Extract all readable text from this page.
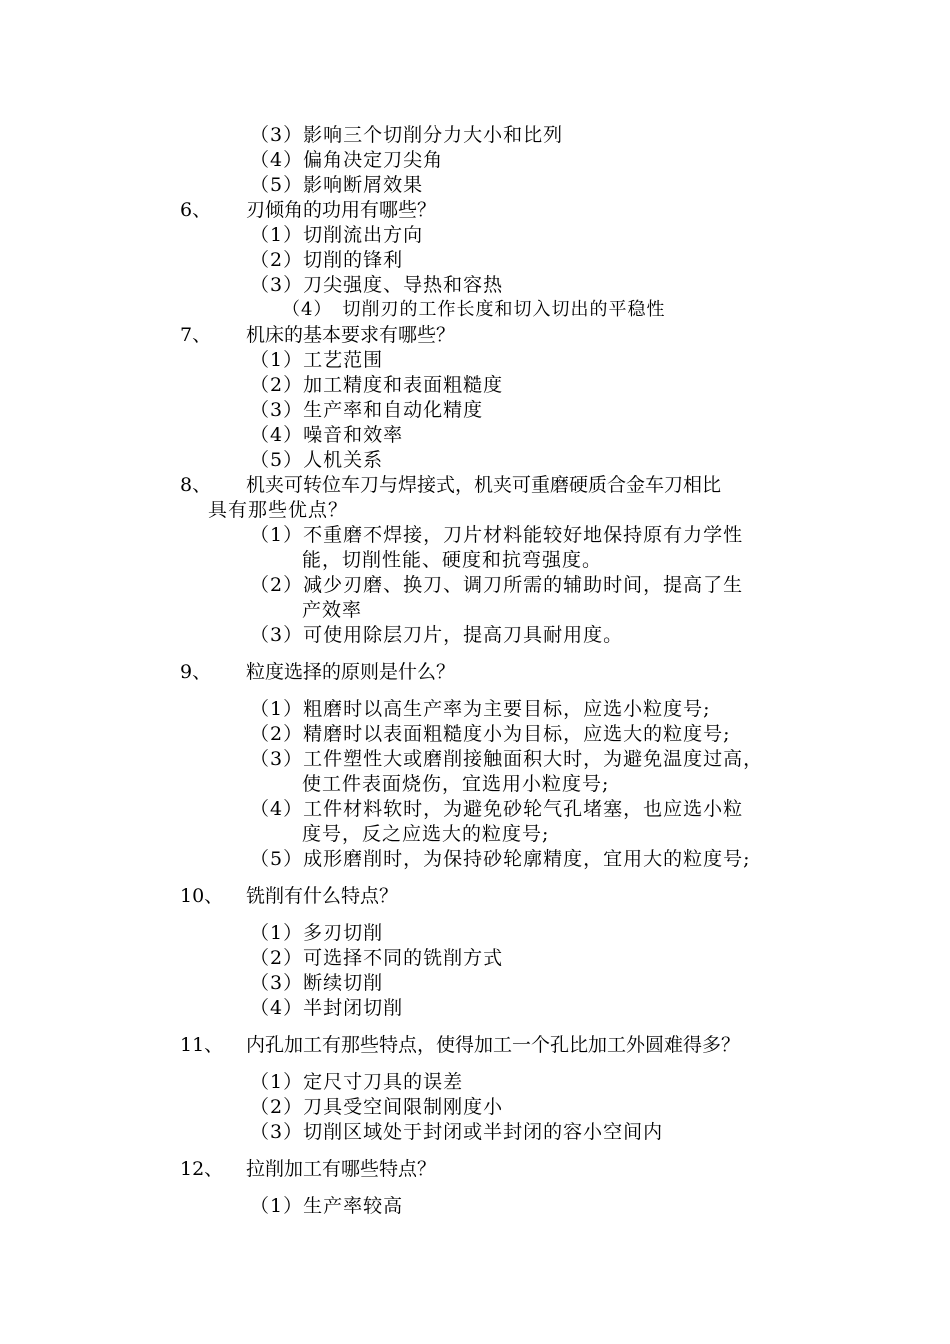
（3）影响三个切削分力大小和比列
（4）偏角决定刀尖角
（5）影响断屑效果
6、 刃倾角的功用有哪些？
（1）切削流出方向
（2）切削的锋利
（3）刀尖强度、导热和容热
（4）　切削刃的工作长度和切入切出的平稳性
7、 机床的基本要求有哪些？
（1）工艺范围
（2）加工精度和表面粗糙度
（3）生产率和自动化精度
（4）噪音和效率
（5）人机关系
8、 机夹可转位车刀与焊接式，机夹可重磨硬质合金车刀相比
具有那些优点？
（1）不重磨不焊接，刀片材料能较好地保持原有力学性
能，切削性能、硬度和抗弯强度。
（2）减少刃磨、换刀、调刀所需的辅助时间，提高了生
产效率
（3）可使用除层刀片，提高刀具耐用度。
9、 粒度选择的原则是什么？
（1）粗磨时以高生产率为主要目标，应选小粒度号;
（2）精磨时以表面粗糙度小为目标，应选大的粒度号;
（3）工件塑性大或磨削接触面积大时，为避免温度过高，
使工件表面烧伤，宜选用小粒度号;
（4）工件材料软时，为避免砂轮气孔堵塞，也应选小粒
度号，反之应选大的粒度号;
（5）成形磨削时，为保持砂轮廓精度，宜用大的粒度号;
10、 铣削有什么特点？
（1）多刃切削
（2）可选择不同的铣削方式
（3）断续切削
（4）半封闭切削
11、 内孔加工有那些特点，使得加工一个孔比加工外圆难得多？
（1）定尺寸刀具的误差
（2）刀具受空间限制刚度小
（3）切削区域处于封闭或半封闭的容小空间内
12、 拉削加工有哪些特点？
（1）生产率较高
